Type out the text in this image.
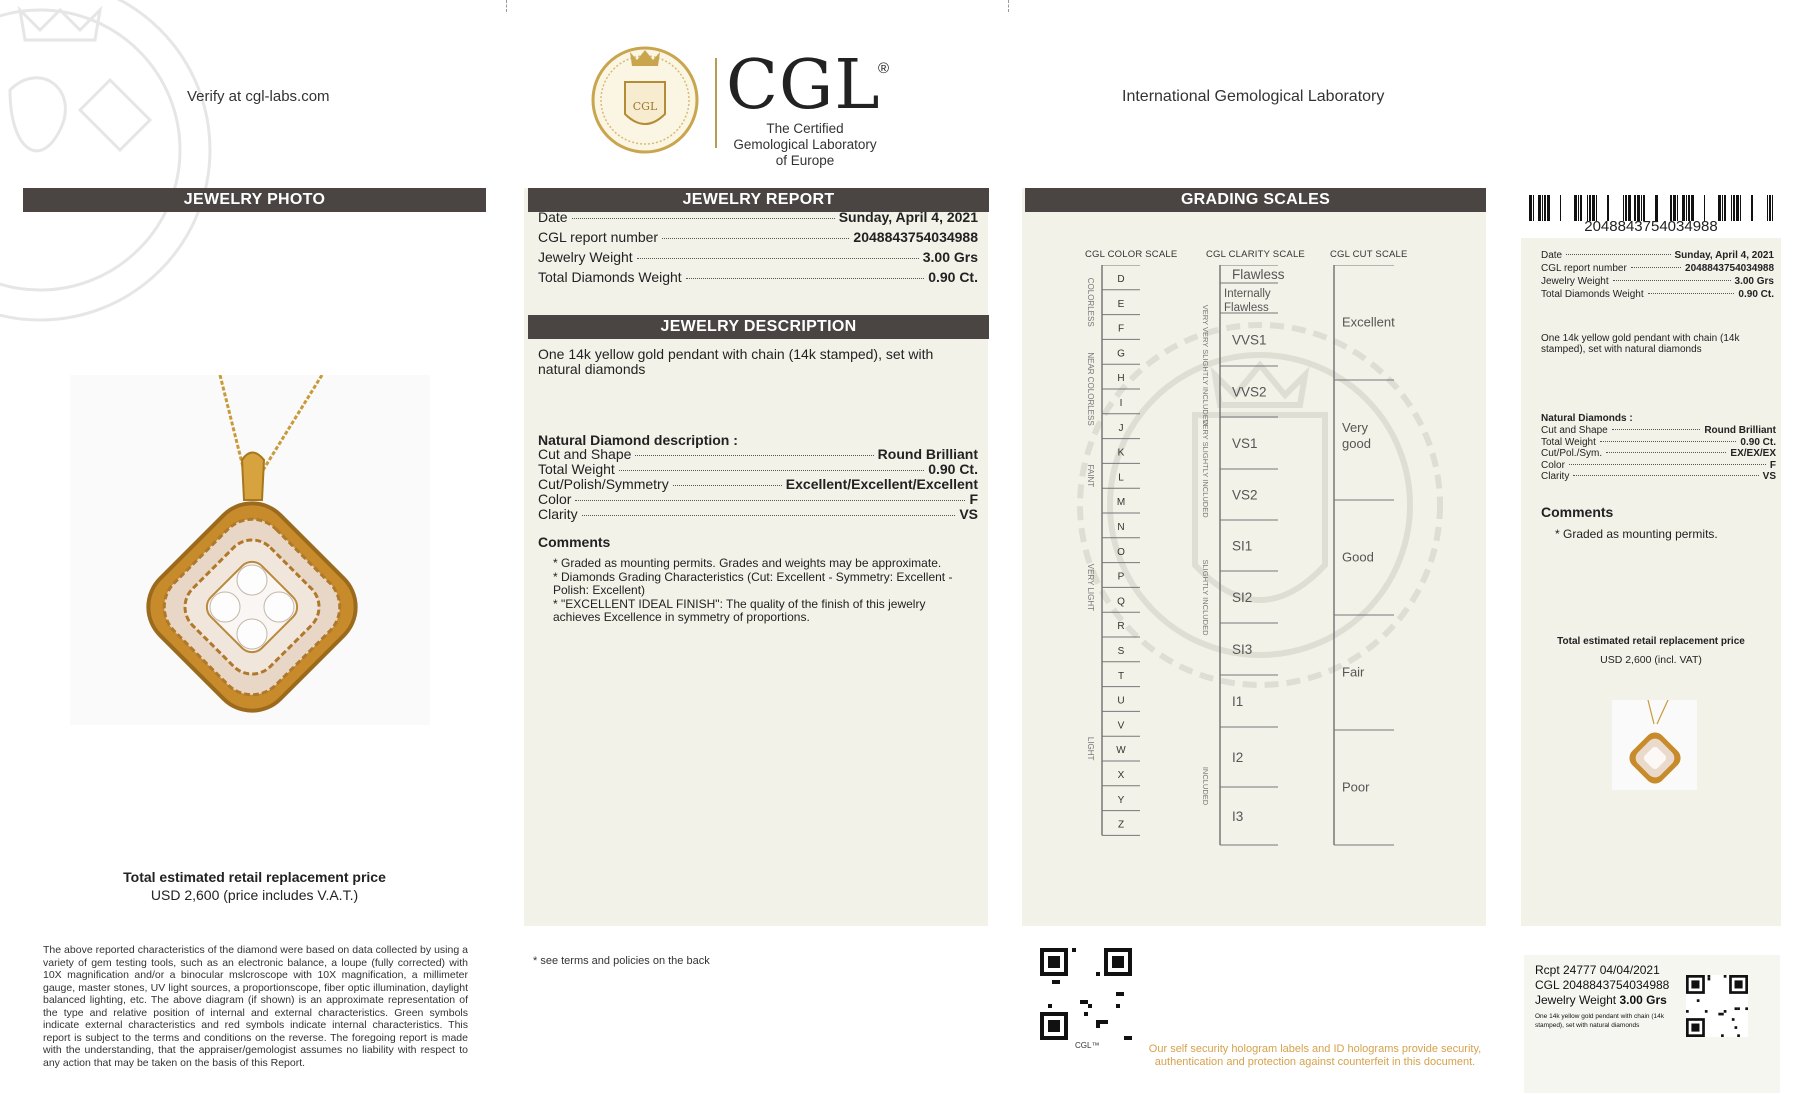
Verify at cgl-labs.com
CGL CGL
®
The Certified Gemological Laboratory of Europe
International Gemological Laboratory
JEWELRY PHOTO
Total estimated retail replacement price
USD 2,600 (price includes V.A.T.)
The above reported characteristics of the diamond were based on data collected by using a variety of gem testing tools, such as an electronic balance, a loupe (fully corrected) with 10X magnification and/or a binocular mslcroscope with 10X magnification, a millimeter gauge, master stones, UV light sources, a proportionscope, fiber optic illumination, daylight balanced lighting, etc. The above diagram (if shown) is an approximate representation of the type and relative position of internal and external characteristics. Green symbols indicate external characteristics and red symbols indicate internal characteristics. This report is subject to the terms and conditions on the reverse. The foregoing report is made with the understanding, that the appraiser/gemologist assumes no liability with respect to any action that may be taken on the basis of this Report.
JEWELRY REPORT
Date	Sunday, April 4, 2021
CGL report number	2048843754034988
Jewelry Weight	3.00 Grs
Total Diamonds Weight	0.90 Ct.
JEWELRY DESCRIPTION
One 14k yellow gold pendant with chain (14k stamped), set with natural diamonds
Natural Diamond description :
Cut and Shape	Round Brilliant
Total Weight	0.90 Ct.
Cut/Polish/Symmetry	Excellent/Excellent/Excellent
Color	F
Clarity	VS
Comments
* Graded as mounting permits. Grades and weights may be approximate.
* Diamonds Grading Characteristics (Cut: Excellent - Symmetry: Excellent - Polish: Excellent)
* "EXCELLENT IDEAL FINISH": The quality of the finish of this jewelry achieves Excellence in symmetry of proportions.
* see terms and policies on the back
GRADING SCALES
CGL COLOR SCALE	CGL CLARITY SCALE	CGL CUT SCALE
D
E
F
G
H
I
J
K
L
M
N
O
P
Q
R
S
T
U
V
W
X
Y
Z
COLORLESS
NEAR COLORLESS
FAINT
VERY LIGHT
LIGHT
Flawless
Internally
Flawless
VVS1
VVS2
VS1
VS2
SI1
SI2
SI3
I1
I2
I3
VERY VERY SLIGHTLY INCLUDED
VERY SLIGHTLY INCLUDED
SLIGHTLY INCLUDED
INCLUDED
Excellent
Very
good
Good
Fair
Poor
CGL™	Our self security hologram labels and ID holograms provide security, authentication and protection against counterfeit in this document.
2048843754034988
Date	Sunday, April 4, 2021
CGL report number	2048843754034988
Jewelry Weight	3.00 Grs
Total Diamonds Weight	0.90 Ct.
One 14k yellow gold pendant with chain (14k stamped), set with natural diamonds
Natural Diamonds :
Cut and Shape	Round Brilliant
Total Weight	0.90 Ct.
Cut/Pol./Sym.	EX/EX/EX
Color	F
Clarity	VS
Comments
* Graded as mounting permits.
Total estimated retail replacement price
USD 2,600 (incl. VAT)
Rcpt 24777 04/04/2021
CGL 2048843754034988
Jewelry Weight 3.00 Grs
One 14k yellow gold pendant with chain (14k stamped), set with natural diamonds
